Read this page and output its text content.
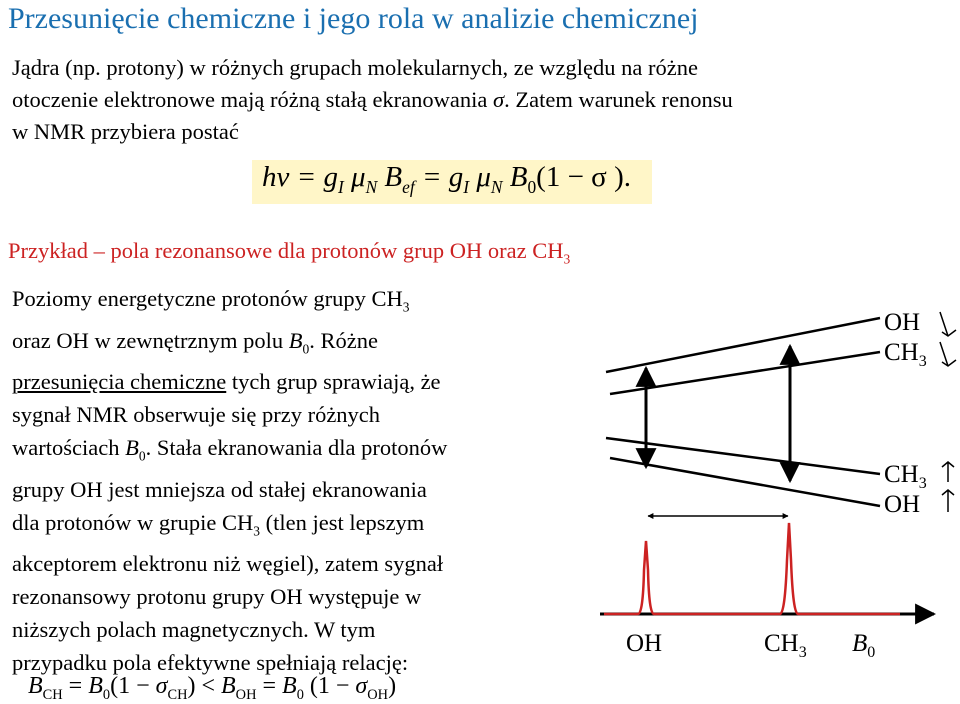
Przesunięcie chemiczne i jego rola w analizie chemicznej
Jądra (np. protony) w różnych grupach molekularnych, ze względu na różne
otoczenie elektronowe mają różną stałą ekranowania σ. Zatem warunek renonsu
w NMR przybiera postać
$h\nu = g_I$ $\mu_N$ $B_{ef} = g_I$ $\mu_N$ $B_0(1 - \sigma$ ).
Przykład – pola rezonansowe dla protonów grup OH oraz $CH_3$
Poziomy energetyczne protonów grupy $CH_3$
oraz OH w zewnętrznym polu $B_0$. Różne
przesunięcia chemiczne tych grup sprawiają, że
sygnał NMR obserwuje się przy różnych
wartościach $B_0$. Stała ekranowania dla protonów
grupy OH jest mniejsza od stałej ekranowania
dla protonów w grupie $CH_3$ (tlen jest lepszym
akceptorem elektronu niż węgiel), zatem sygnał
rezonansowy protonu grupy OH występuje w
niższych polach magnetycznych. W tym
przypadku pola efektywne spełniają relację:
$B_{CH} = B_0(1 - \sigma_{CH}) < B_{OH} = B_0$ $(1 - \sigma_{OH})$
OH
$CH_3$
$CH_3$
OH
OH	$CH_3$ $B_0$
